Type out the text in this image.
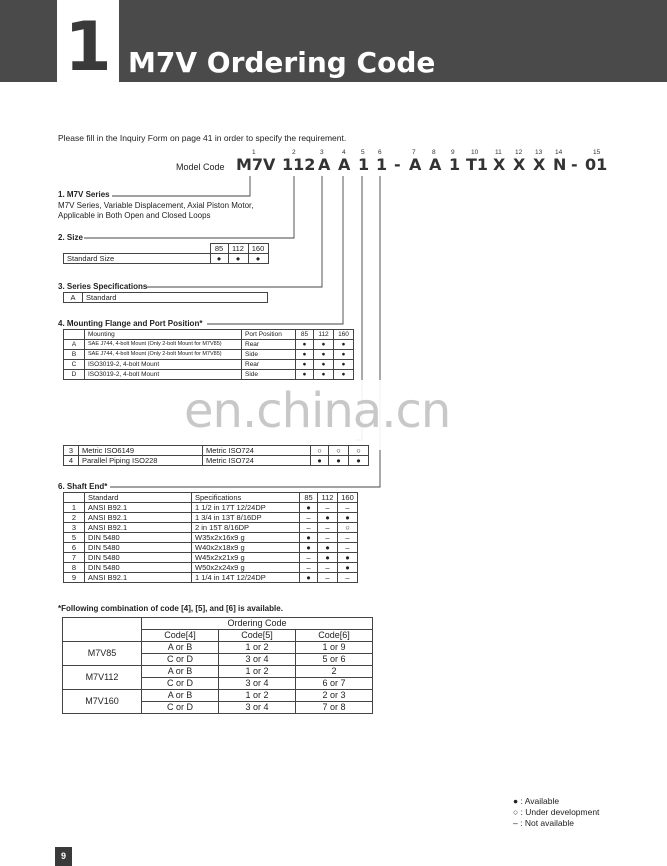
1 M7V Ordering Code
Please fill in the Inquiry Form on page 41 in order to specify the requirement.
Model Code
1	2	3	4 5 6	7	8 9	10	11 12 13 14	15
M7V 112 A A 1 1 - A A 1 T1 X X X N - 01
1. M7V Series
M7V Series, Variable Displacement, Axial Piston Motor,
Applicable in Both Open and Closed Loops
2. Size
	85	112	160
Standard Size	●	●	●
3. Series Specifications
A	Standard
4. Mounting Flange and Port Position*
	Mounting	Port Position	85	112	160
A	SAE J744, 4-bolt Mount (Only 2-bolt Mount for M7V85)	Rear	●	●	●
B	SAE J744, 4-bolt Mount (Only 2-bolt Mount for M7V85)	Side	●	●	●
C	ISO3019-2, 4-bolt Mount	Rear	●	●	●
D	ISO3019-2, 4-bolt Mount	Side	●	●	●
en.china.cn
3	Metric ISO6149	Metric ISO724	○	○	○
4	Parallel Piping ISO228	Metric ISO724	●	●	●
6. Shaft End*
	Standard	Specifications	85	112	160
1	ANSI B92.1	1 1/2 in 17T 12/24DP	●	–	–
2	ANSI B92.1	1 3/4 in 13T 8/16DP	–	●	●
3	ANSI B92.1	2 in 15T 8/16DP	–	–	○
5	DIN 5480	W35x2x16x9 g	●	–	–
6	DIN 5480	W40x2x18x9 g	●	●	–
7	DIN 5480	W45x2x21x9 g	–	●	●
8	DIN 5480	W50x2x24x9 g	–	–	●
9	ANSI B92.1	1 1/4 in 14T 12/24DP	●	–	–
*Following combination of code [4], [5], and [6] is available.
	Ordering Code		
	Code[4]	Code[5]	Code[6]
M7V85	A or B	1 or 2	1 or 9
	C or D	3 or 4	5 or 6
M7V112	A or B	1 or 2	2
	C or D	3 or 4	6 or 7
M7V160	A or B	1 or 2	2 or 3
	C or D	3 or 4	7 or 8
● : Available
○ : Under development
– : Not available
9
